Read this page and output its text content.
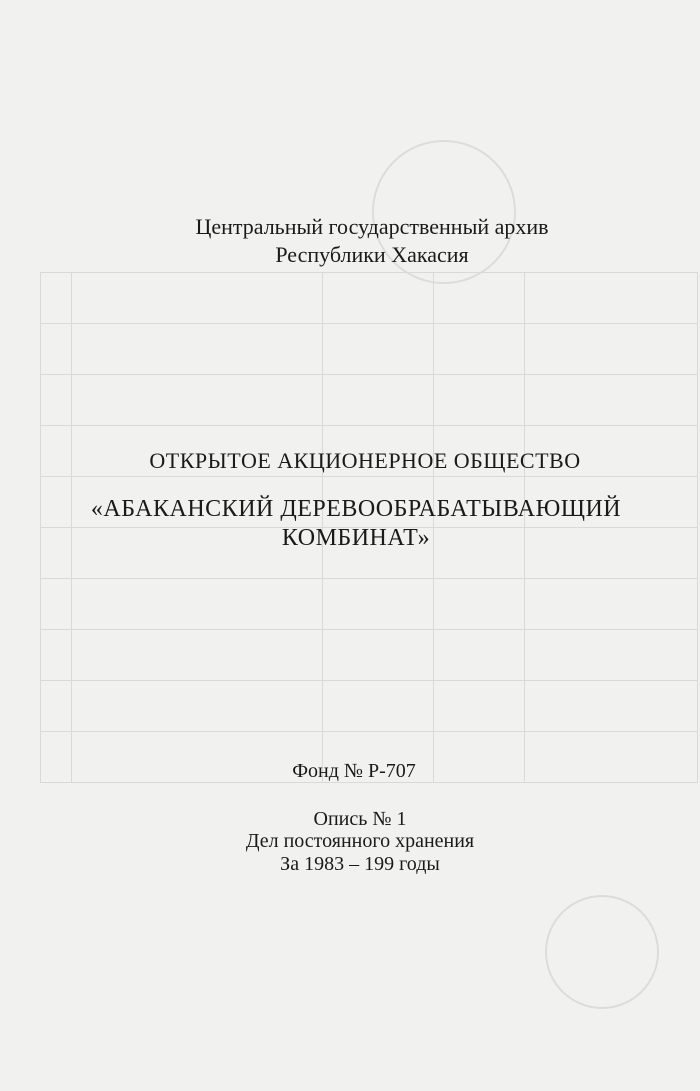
Центральный государственный архив
Республики Хакасия
ОТКРЫТОЕ АКЦИОНЕРНОЕ ОБЩЕСТВО
«АБАКАНСКИЙ ДЕРЕВООБРАБАТЫВАЮЩИЙ
КОМБИНАТ»
Фонд № Р-707
Опись № 1
Дел постоянного хранения
За 1983 – 199 годы
